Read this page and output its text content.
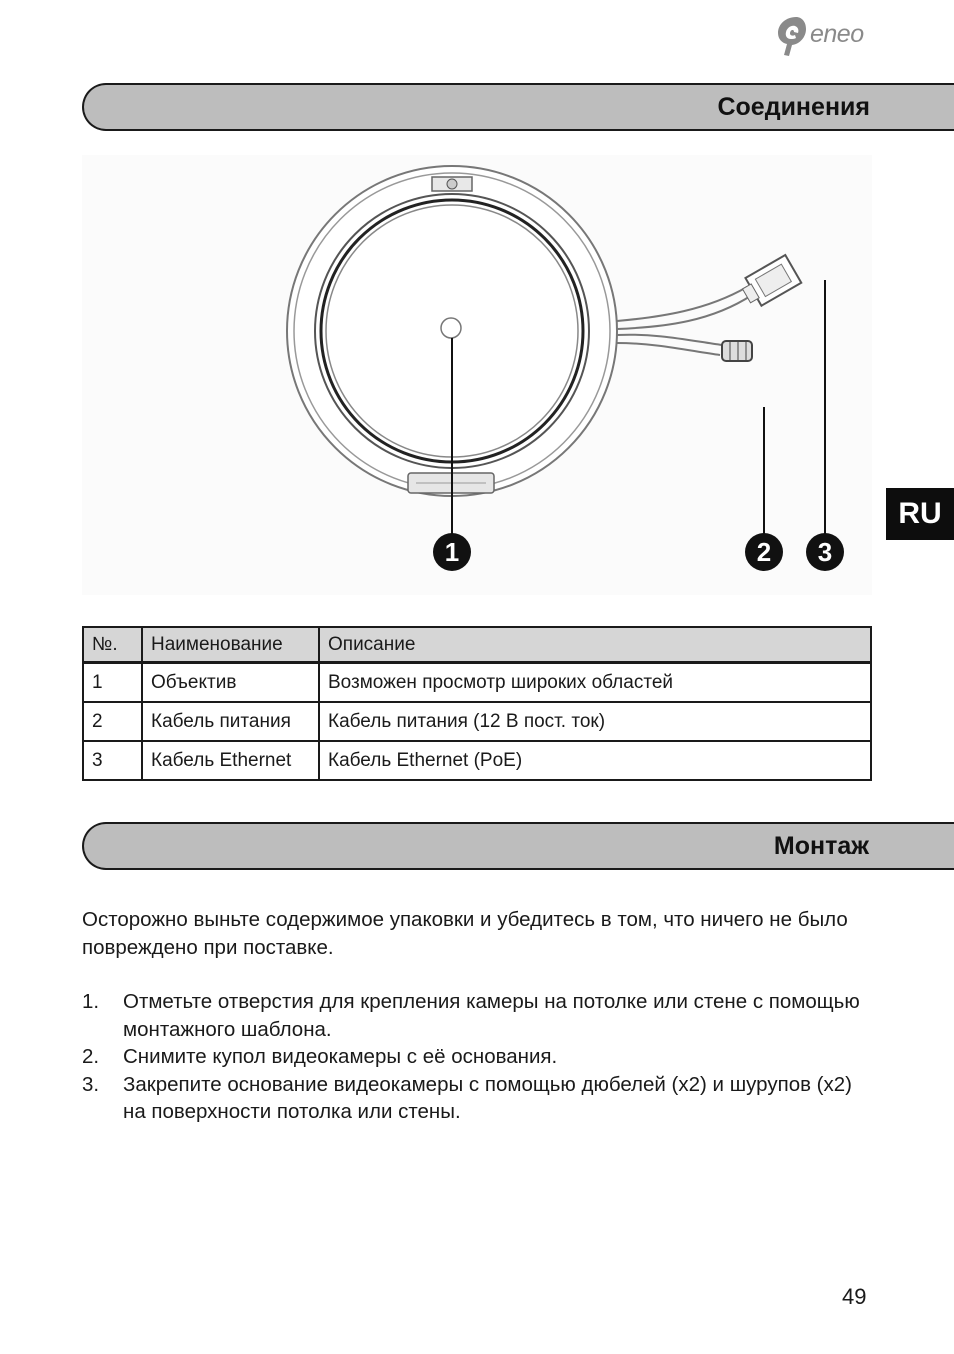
eneo
Соединения
1	2 3
RU
№.	Наименование	Описание
1	Объектив	Возможен просмотр широких областей
2	Кабель питания	Кабель питания (12 В пост. ток)
3	Кабель Ethernet	Кабель Ethernet (PoE)
Монтаж

Осторожно выньте содержимое упаковки и убедитесь в том, что ничего не было повреждено при поставке.

1. Отметьте отверстия для крепления камеры на потолке или стене с помощью монтажного шаблона.
2. Снимите купол видеокамеры с её основания.
3. Закрепите основание видеокамеры с помощью дюбелей (x2) и шурупов (x2) на поверхности потолка или стены.
49
